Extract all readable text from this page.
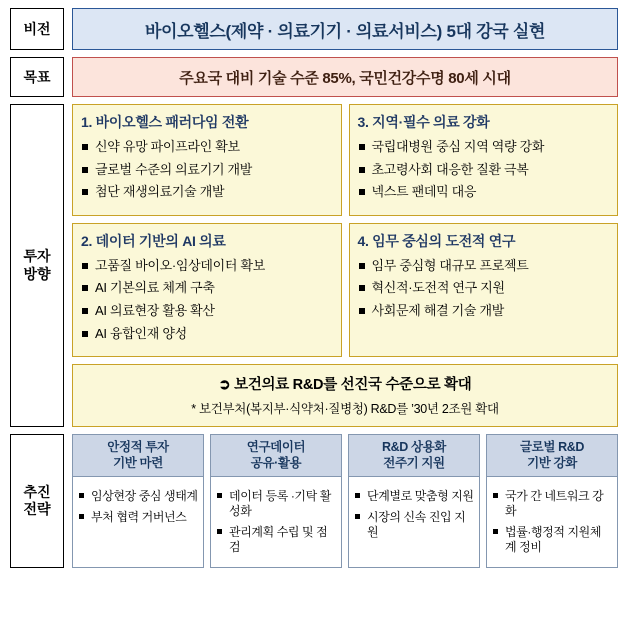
비전	바이오헬스(제약 · 의료기기 · 의료서비스) 5대 강국 실현
목표	주요국 대비 기술 수준 85%, 국민건강수명 80세 시대
투자
방향
1. 바이오헬스 패러다임 전환
신약 유망 파이프라인 확보
글로벌 수준의 의료기기 개발
첨단 재생의료기술 개발
3. 지역·필수 의료 강화
국립대병원 중심 지역 역량 강화
초고령사회 대응한 질환 극복
넥스트 팬데믹 대응
2. 데이터 기반의 AI 의료
고품질 바이오·임상데이터 확보
AI 기본의료 체계 구축
AI 의료현장 활용 확산
AI 융합인재 양성
4. 임무 중심의 도전적 연구
임무 중심형 대규모 프로젝트
혁신적·도전적 연구 지원
사회문제 해결 기술 개발
➲ 보건의료 R&D를 선진국 수준으로 확대
* 보건부처(복지부·식약처·질병청) R&D를 ’30년 2조원 확대
추진
전략
안정적 투자
기반 마련
임상현장 중심 생태계
부처 협력 거버넌스
연구데이터
공유·활용
데이터 등록 ·기탁 활성화
관리계획 수립 및 점검
R&D 상용화
전주기 지원
단계별로 맞춤형 지원
시장의 신속 진입 지원
글로벌 R&D
기반 강화
국가 간 네트워크 강화
법률·행정적 지원체계 정비
